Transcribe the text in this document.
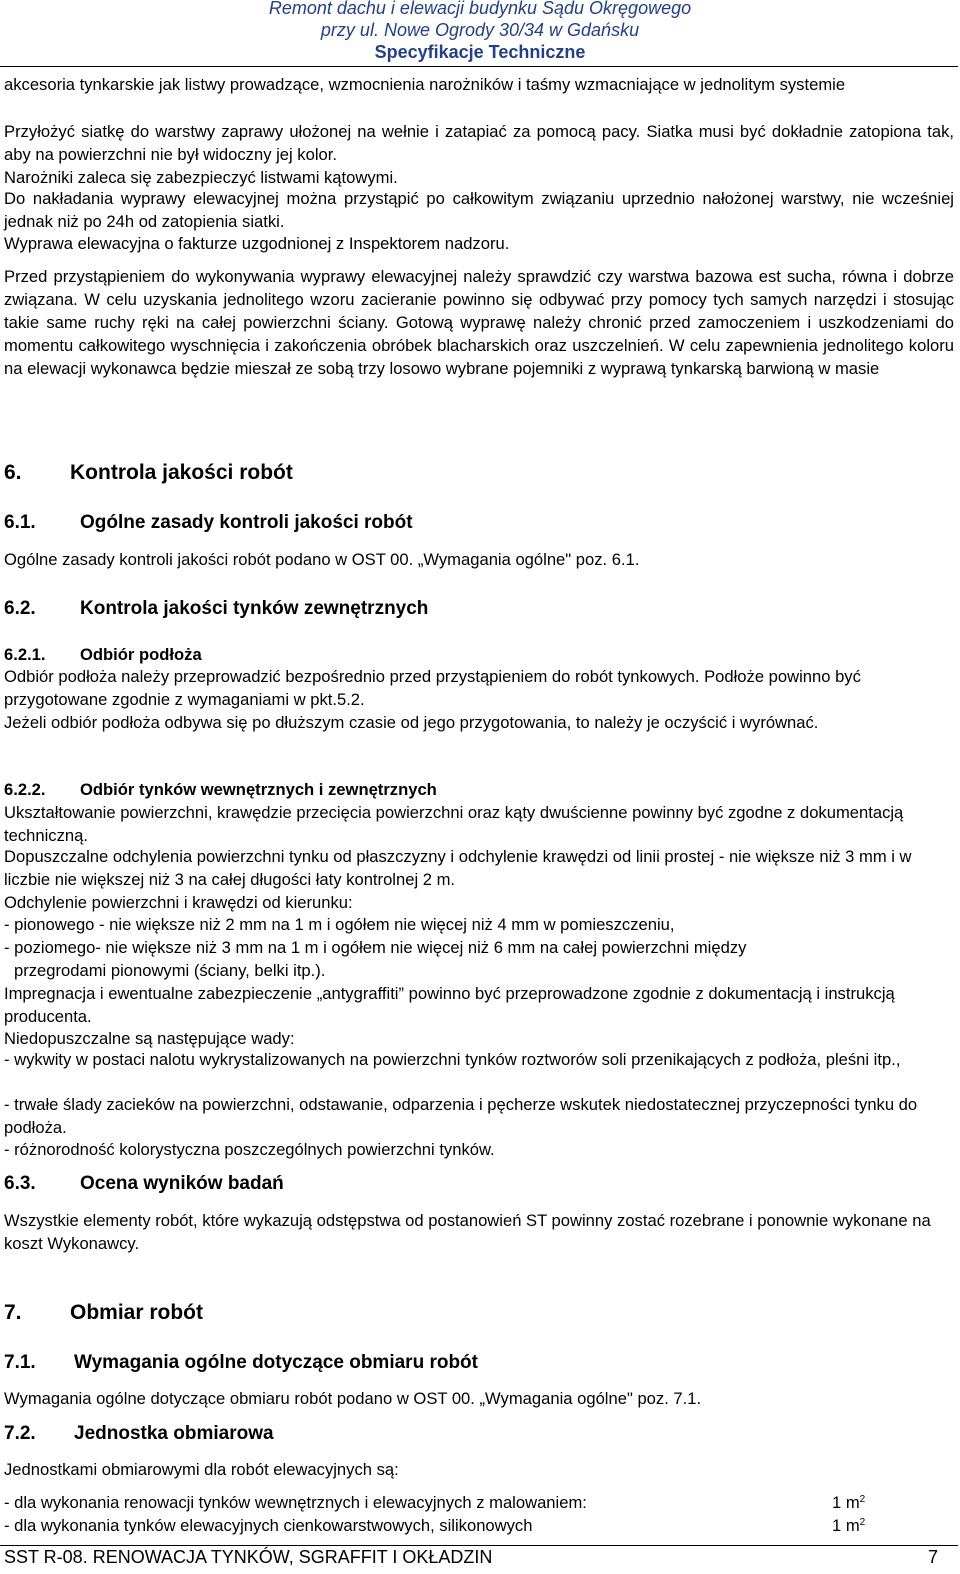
Remont dachu i elewacji budynku Sądu Okręgowego
przy ul. Nowe Ogrody 30/34 w Gdańsku
Specyfikacje Techniczne

akcesoria tynkarskie jak listwy prowadzące, wzmocnienia narożników i taśmy wzmacniające w jednolitym systemie

Przyłożyć siatkę do warstwy zaprawy ułożonej na wełnie i zatapiać za pomocą pacy. Siatka musi być dokładnie zatopiona tak, aby na powierzchni nie był widoczny jej kolor.

Narożniki zaleca się zabezpieczyć listwami kątowymi.

Do nakładania wyprawy elewacyjnej można przystąpić po całkowitym związaniu uprzednio nałożonej warstwy, nie wcześniej jednak niż po 24h od zatopienia siatki.

Wyprawa elewacyjna o fakturze uzgodnionej z Inspektorem nadzoru.

Przed przystąpieniem do wykonywania wyprawy elewacyjnej należy sprawdzić czy warstwa bazowa est sucha, równa i dobrze związana. W celu uzyskania jednolitego wzoru zacieranie powinno się odbywać przy pomocy tych samych narzędzi i stosując takie same ruchy ręki na całej powierzchni ściany. Gotową wyprawę należy chronić przed zamoczeniem i uszkodzeniami do momentu całkowitego wyschnięcia i zakończenia obróbek blacharskich oraz uszczelnień. W celu zapewnienia jednolitego koloru na elewacji wykonawca będzie mieszał ze sobą trzy losowo wybrane pojemniki z wyprawą tynkarską barwioną w masie

6. Kontrola jakości robót
6.1. Ogólne zasady kontroli jakości robót

Ogólne zasady kontroli jakości robót podano w OST 00. „Wymagania ogólne" poz. 6.1.

6.2. Kontrola jakości tynków zewnętrznych
6.2.1. Odbiór podłoża

Odbiór podłoża należy przeprowadzić bezpośrednio przed przystąpieniem do robót tynkowych. Podłoże powinno być przygotowane zgodnie z wymaganiami w pkt.5.2.

Jeżeli odbiór podłoża odbywa się po dłuższym czasie od jego przygotowania, to należy je oczyścić i wyrównać.

6.2.2. Odbiór tynków wewnętrznych i zewnętrznych

Ukształtowanie powierzchni, krawędzie przecięcia powierzchni oraz kąty dwuścienne powinny być zgodne z dokumentacją techniczną.

Dopuszczalne odchylenia powierzchni tynku od płaszczyzny i odchylenie krawędzi od linii prostej - nie większe niż 3 mm i w liczbie nie większej niż 3 na całej długości łaty kontrolnej 2 m.

Odchylenie powierzchni i krawędzi od kierunku:

- pionowego - nie większe niż 2 mm na 1 m i ogółem nie więcej niż 4 mm w pomieszczeniu,

- poziomego- nie większe niż 3 mm na 1 m i ogółem nie więcej niż 6 mm na całej powierzchni między

przegrodami pionowymi (ściany, belki itp.).

Impregnacja i ewentualne zabezpieczenie „antygraffiti” powinno być przeprowadzone zgodnie z dokumentacją i instrukcją producenta.

Niedopuszczalne są następujące wady:

- wykwity w postaci nalotu wykrystalizowanych na powierzchni tynków roztworów soli przenikających z podłoża, pleśni itp.,

- trwałe ślady zacieków na powierzchni, odstawanie, odparzenia i pęcherze wskutek niedostatecznej przyczepności tynku do podłoża.

- różnorodność kolorystyczna poszczególnych powierzchni tynków.

6.3. Ocena wyników badań

Wszystkie elementy robót, które wykazują odstępstwa od postanowień ST powinny zostać rozebrane i ponownie wykonane na koszt Wykonawcy.

7. Obmiar robót
7.1. Wymagania ogólne dotyczące obmiaru robót

Wymagania ogólne dotyczące obmiaru robót podano w OST 00. „Wymagania ogólne" poz. 7.1.

7.2. Jednostka obmiarowa

Jednostkami obmiarowymi dla robót elewacyjnych są:

- dla wykonania renowacji tynków wewnętrznych i elewacyjnych z malowaniem:	1 $m^2$
- dla wykonania tynków elewacyjnych cienkowarstwowych, silikonowych	1 $m^2$
SST R-08. RENOWACJA TYNKÓW, SGRAFFIT I OKŁADZIN	7
